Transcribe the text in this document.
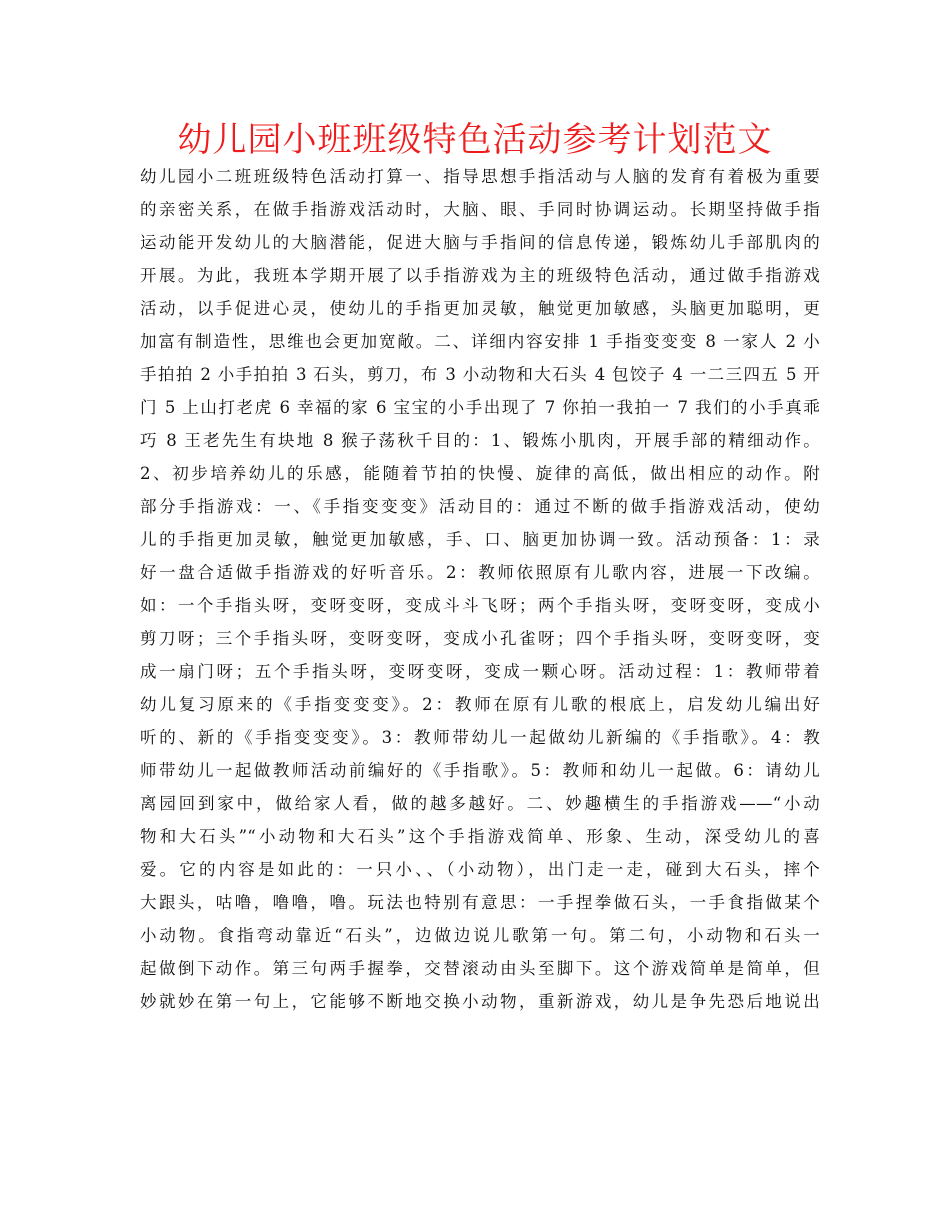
幼儿园小班班级特色活动参考计划范文
幼儿园小二班班级特色活动打算一、指导思想手指活动与人脑的发育有着极为重要
的亲密关系，在做手指游戏活动时，大脑、眼、手同时协调运动。长期坚持做手指
运动能开发幼儿的大脑潜能，促进大脑与手指间的信息传递，锻炼幼儿手部肌肉的
开展。为此，我班本学期开展了以手指游戏为主的班级特色活动，通过做手指游戏
活动，以手促进心灵，使幼儿的手指更加灵敏，触觉更加敏感，头脑更加聪明，更
加富有制造性，思维也会更加宽敞。二、详细内容安排 1 手指变变变 8 一家人 2 小
手拍拍 2 小手拍拍 3 石头，剪刀，布 3 小动物和大石头 4 包饺子 4 一二三四五 5 开
门 5 上山打老虎 6 幸福的家 6 宝宝的小手出现了 7 你拍一我拍一 7 我们的小手真乖
巧 8 王老先生有块地 8 猴子荡秋千目的：1、锻炼小肌肉，开展手部的精细动作。
2、初步培养幼儿的乐感，能随着节拍的快慢、旋律的高低，做出相应的动作。附
部分手指游戏：一、《手指变变变》活动目的：通过不断的做手指游戏活动，使幼
儿的手指更加灵敏，触觉更加敏感，手、口、脑更加协调一致。活动预备：1：录
好一盘合适做手指游戏的好听音乐。2：教师依照原有儿歌内容，进展一下改编。
如：一个手指头呀，变呀变呀，变成斗斗飞呀；两个手指头呀，变呀变呀，变成小
剪刀呀；三个手指头呀，变呀变呀，变成小孔雀呀；四个手指头呀，变呀变呀，变
成一扇门呀；五个手指头呀，变呀变呀，变成一颗心呀。活动过程：1：教师带着
幼儿复习原来的《手指变变变》。2：教师在原有儿歌的根底上，启发幼儿编出好
听的、新的《手指变变变》。3：教师带幼儿一起做幼儿新编的《手指歌》。4：教
师带幼儿一起做教师活动前编好的《手指歌》。5：教师和幼儿一起做。6：请幼儿
离园回到家中，做给家人看，做的越多越好。二、妙趣横生的手指游戏——“小动
物和大石头”“小动物和大石头”这个手指游戏简单、形象、生动，深受幼儿的喜
爱。它的内容是如此的：一只小、、（小动物），出门走一走，碰到大石头，摔个
大跟头，咕噜，噜噜，噜。玩法也特别有意思：一手捏拳做石头，一手食指做某个
小动物。食指弯动靠近“石头”，边做边说儿歌第一句。第二句，小动物和石头一
起做倒下动作。第三句两手握拳，交替滚动由头至脚下。这个游戏简单是简单，但
妙就妙在第一句上，它能够不断地交换小动物，重新游戏，幼儿是争先恐后地说出
